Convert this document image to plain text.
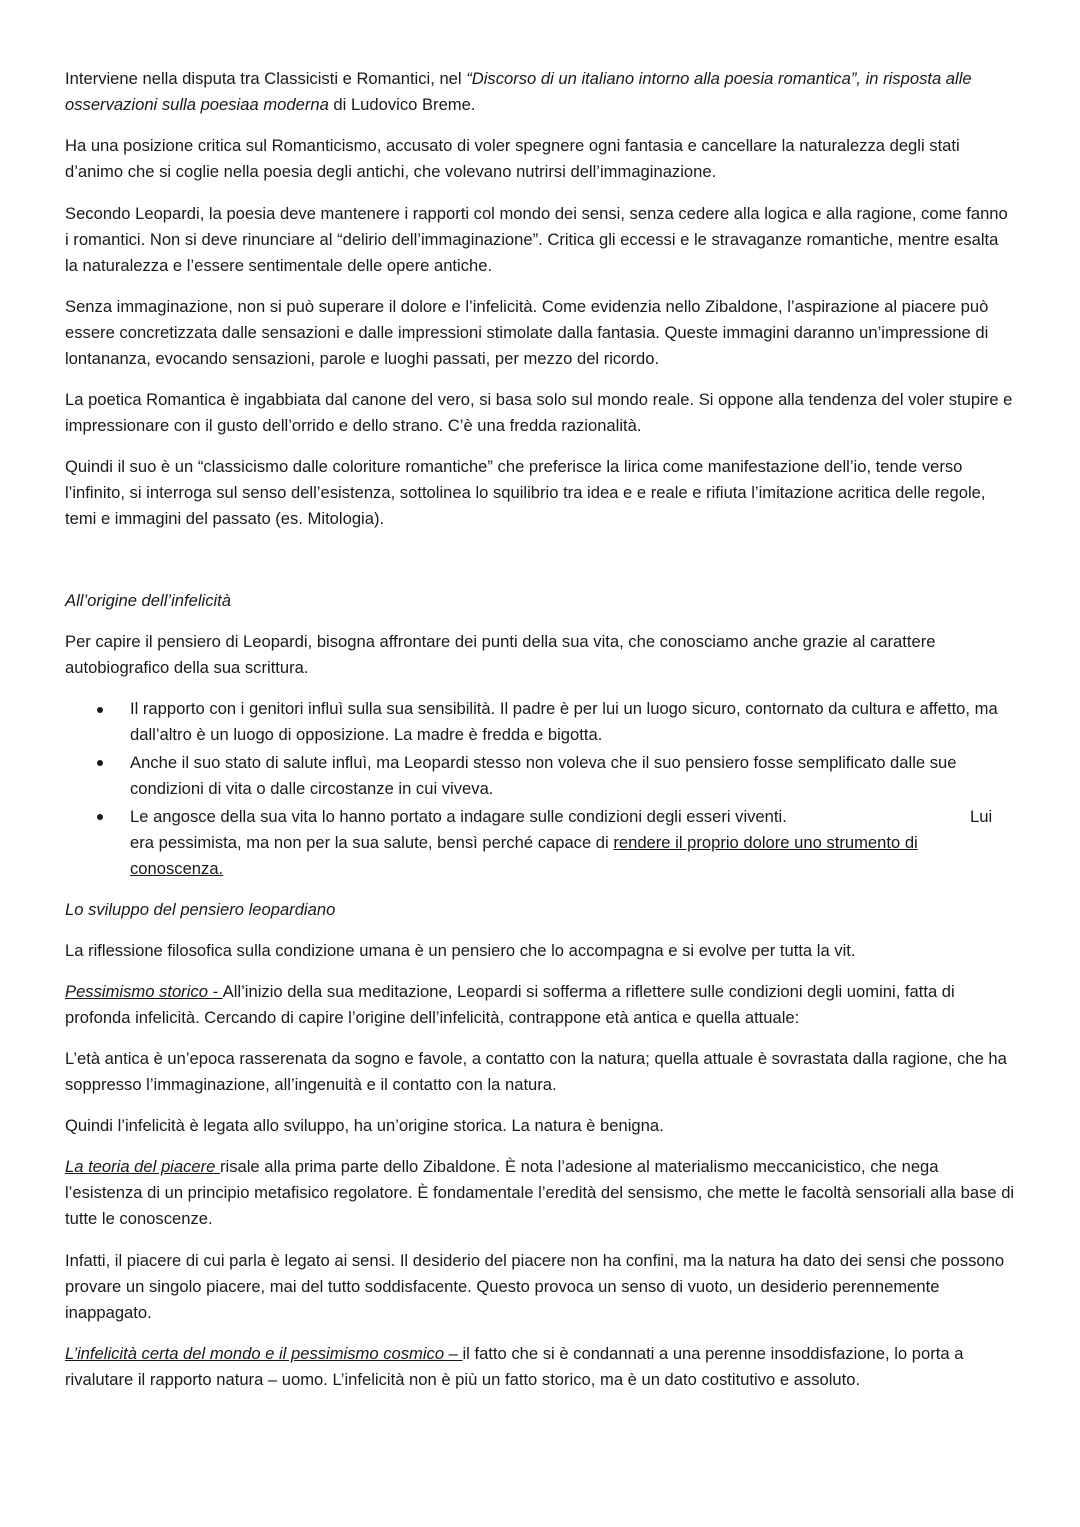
Interviene nella disputa tra Classicisti e Romantici, nel “Discorso di un italiano intorno alla poesia romantica”, in risposta alle osservazioni sulla poesiaa moderna di Ludovico Breme.

Ha una posizione critica sul Romanticismo, accusato di voler spegnere ogni fantasia e cancellare la naturalezza degli stati d’animo che si coglie nella poesia degli antichi, che volevano nutrirsi dell’immaginazione.

Secondo Leopardi, la poesia deve mantenere i rapporti col mondo dei sensi, senza cedere alla logica e alla ragione, come fanno i romantici. Non si deve rinunciare al “delirio dell’immaginazione”. Critica gli eccessi e le stravaganze romantiche, mentre esalta la naturalezza e l’essere sentimentale delle opere antiche.

Senza immaginazione, non si può superare il dolore e l’infelicità. Come evidenzia nello Zibaldone, l’aspirazione al piacere può essere concretizzata dalle sensazioni e dalle impressioni stimolate dalla fantasia. Queste immagini daranno un’impressione di lontananza, evocando sensazioni, parole e luoghi passati, per mezzo del ricordo.

La poetica Romantica è ingabbiata dal canone del vero, si basa solo sul mondo reale. Si oppone alla tendenza del voler stupire e impressionare con il gusto dell’orrido e dello strano. C’è una fredda razionalità.

Quindi il suo è un “classicismo dalle coloriture romantiche” che preferisce la lirica come manifestazione dell’io, tende verso l’infinito, si interroga sul senso dell’esistenza, sottolinea lo squilibrio tra idea e e reale e rifiuta l’imitazione acritica delle regole, temi e immagini del passato (es. Mitologia).

All’origine dell’infelicità

Per capire il pensiero di Leopardi, bisogna affrontare dei punti della sua vita, che conosciamo anche grazie al carattere autobiografico della sua scrittura.

Il rapporto con i genitori influì sulla sua sensibilità. Il padre è per lui un luogo sicuro, contornato da cultura e affetto, ma dall’altro è un luogo di opposizione. La madre è fredda e bigotta.

Anche il suo stato di salute influì, ma Leopardi stesso non voleva che il suo pensiero fosse semplificato dalle sue condizioni di vita o dalle circostanze in cui viveva.

Le angosce della sua vita lo hanno portato a indagare sulle condizioni degli esseri viventi.	Lui

era pessimista, ma non per la sua salute, bensì perché capace di rendere il proprio dolore uno strumento di conoscenza.

Lo sviluppo del pensiero leopardiano

La riflessione filosofica sulla condizione umana è un pensiero che lo accompagna e si evolve per tutta la vit.

Pessimismo storico - All’inizio della sua meditazione, Leopardi si sofferma a riflettere sulle condizioni degli uomini, fatta di profonda infelicità. Cercando di capire l’origine dell’infelicità, contrappone età antica e quella attuale:

L’età antica è un’epoca rasserenata da sogno e favole, a contatto con la natura; quella attuale è sovrastata dalla ragione, che ha soppresso l’immaginazione, all’ingenuità e il contatto con la natura.

Quindi l’infelicità è legata allo sviluppo, ha un’origine storica. La natura è benigna.

La teoria del piacere risale alla prima parte dello Zibaldone. È nota l’adesione al materialismo meccanicistico, che nega l’esistenza di un principio metafisico regolatore. È fondamentale l’eredità del sensismo, che mette le facoltà sensoriali alla base di tutte le conoscenze.

Infatti, il piacere di cui parla è legato ai sensi. Il desiderio del piacere non ha confini, ma la natura ha dato dei sensi che possono provare un singolo piacere, mai del tutto soddisfacente. Questo provoca un senso di vuoto, un desiderio perennemente inappagato.

L’infelicità certa del mondo e il pessimismo cosmico – il fatto che si è condannati a una perenne insoddisfazione, lo porta a rivalutare il rapporto natura – uomo. L’infelicità non è più un fatto storico, ma è un dato costitutivo e assoluto.
